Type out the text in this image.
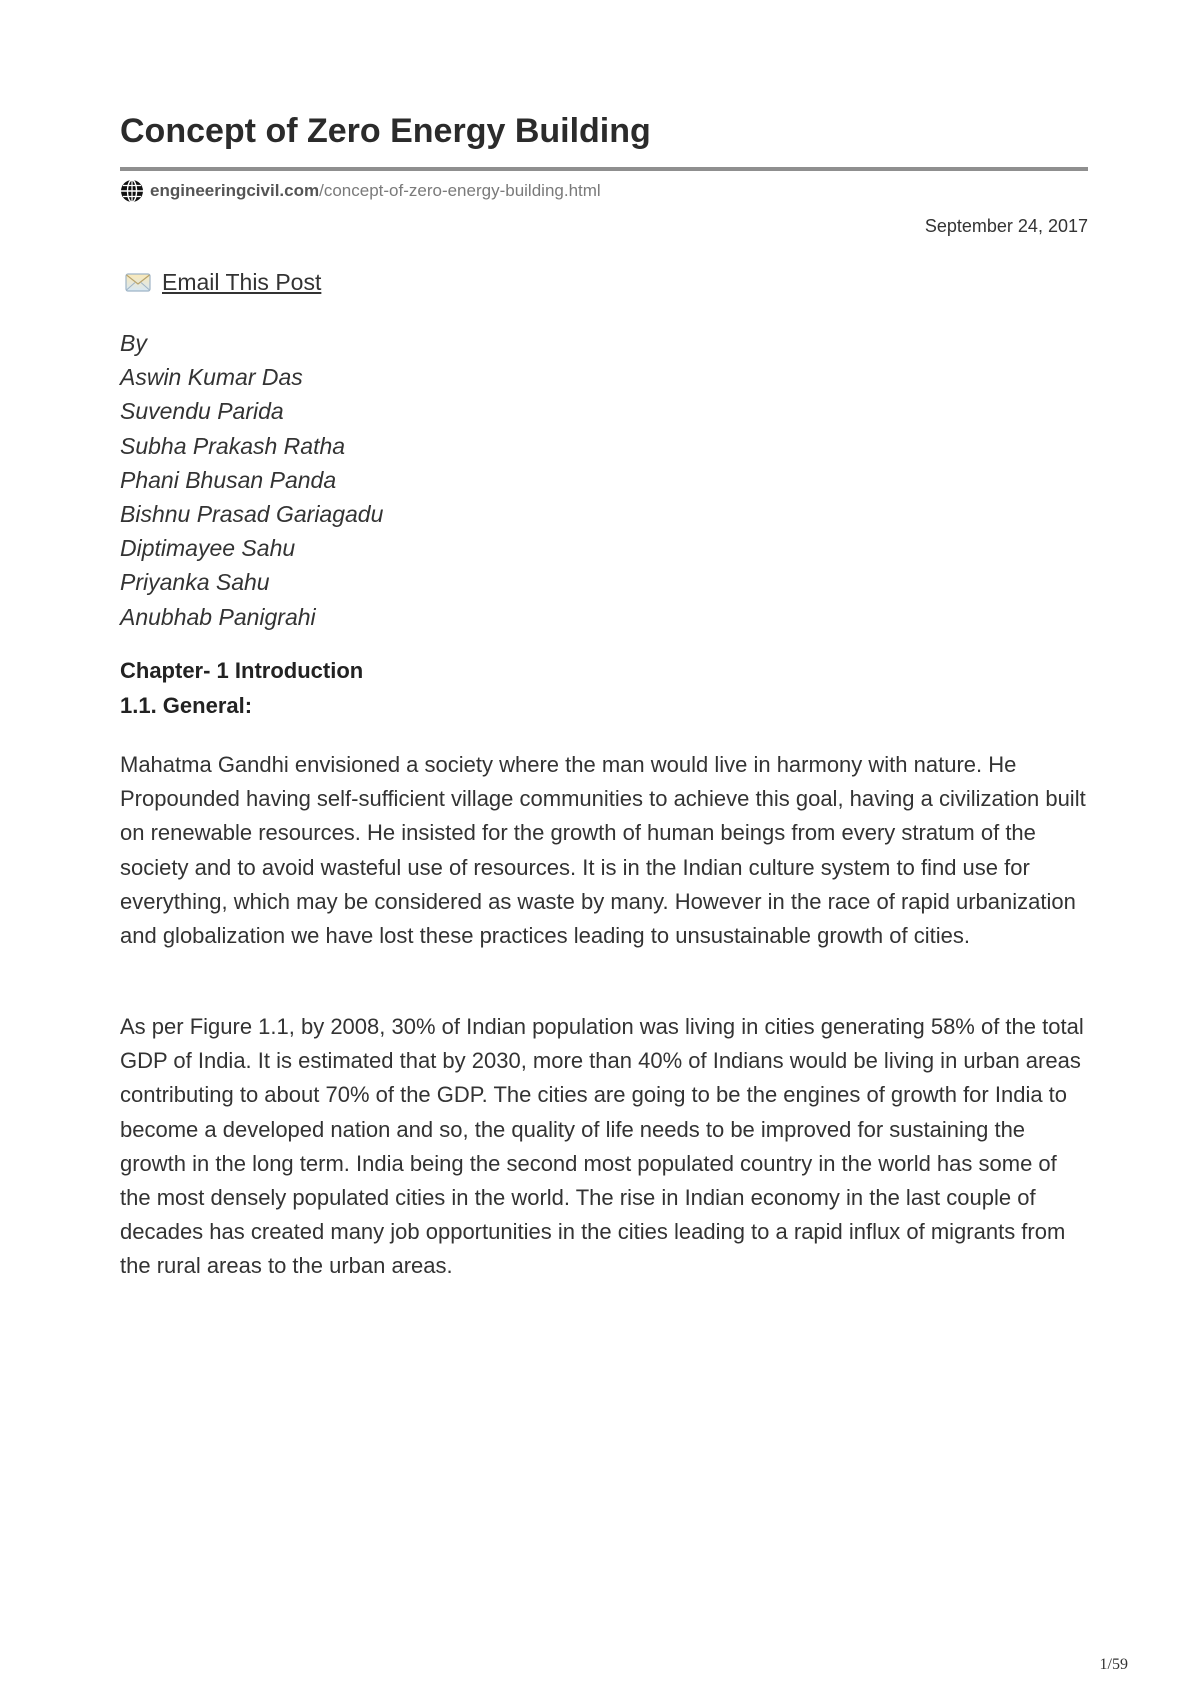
Concept of Zero Energy Building
engineeringcivil.com /concept-of-zero-energy-building.html
September 24, 2017
Email This Post
By
Aswin Kumar Das
Suvendu Parida
Subha Prakash Ratha
Phani Bhusan Panda
Bishnu Prasad Gariagadu
Diptimayee Sahu
Priyanka Sahu
Anubhab Panigrahi
Chapter- 1 Introduction
1.1. General:

Mahatma Gandhi envisioned a society where the man would live in harmony with nature. He Propounded having self-sufficient village communities to achieve this goal, having a civilization built on renewable resources. He insisted for the growth of human beings from every stratum of the society and to avoid wasteful use of resources. It is in the Indian culture system to find use for everything, which may be considered as waste by many. However in the race of rapid urbanization and globalization we have lost these practices leading to unsustainable growth of cities.

As per Figure 1.1, by 2008, 30% of Indian population was living in cities generating 58% of the total GDP of India. It is estimated that by 2030, more than 40% of Indians would be living in urban areas contributing to about 70% of the GDP. The cities are going to be the engines of growth for India to become a developed nation and so, the quality of life needs to be improved for sustaining the growth in the long term. India being the second most populated country in the world has some of the most densely populated cities in the world. The rise in Indian economy in the last couple of decades has created many job opportunities in the cities leading to a rapid influx of migrants from the rural areas to the urban areas.

1/59
